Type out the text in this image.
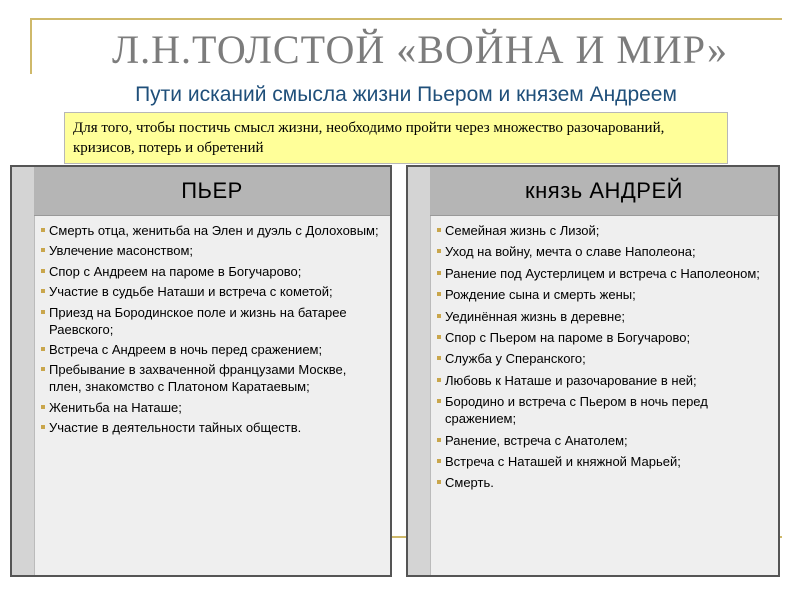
Л.Н.ТОЛСТОЙ «ВОЙНА И МИР»
Пути исканий смысла жизни Пьером и князем Андреем
Для того, чтобы постичь смысл жизни, необходимо пройти через множество разочарований, кризисов, потерь и обретений
ПЬЕР
Смерть отца, женитьба на Элен и дуэль с Долоховым;
Увлечение масонством;
Спор с Андреем на пароме в Богучарово;
Участие в судьбе Наташи и встреча с кометой;
Приезд на Бородинское поле и жизнь на батарее Раевского;
Встреча с Андреем в ночь перед сражением;
Пребывание в захваченной французами Москве, плен, знакомство с Платоном Каратаевым;
Женитьба на Наташе;
Участие в деятельности тайных обществ.
князь АНДРЕЙ
Семейная жизнь с Лизой;
Уход на войну, мечта о славе Наполеона;
Ранение под Аустерлицем и встреча с Наполеоном;
Рождение сына и смерть жены;
Уединённая жизнь в деревне;
Спор с Пьером на пароме в Богучарово;
Служба у Сперанского;
Любовь к Наташе и разочарование в ней;
Бородино и встреча с Пьером в ночь перед сражением;
Ранение, встреча с Анатолем;
Встреча с Наташей и княжной Марьей;
Смерть.
